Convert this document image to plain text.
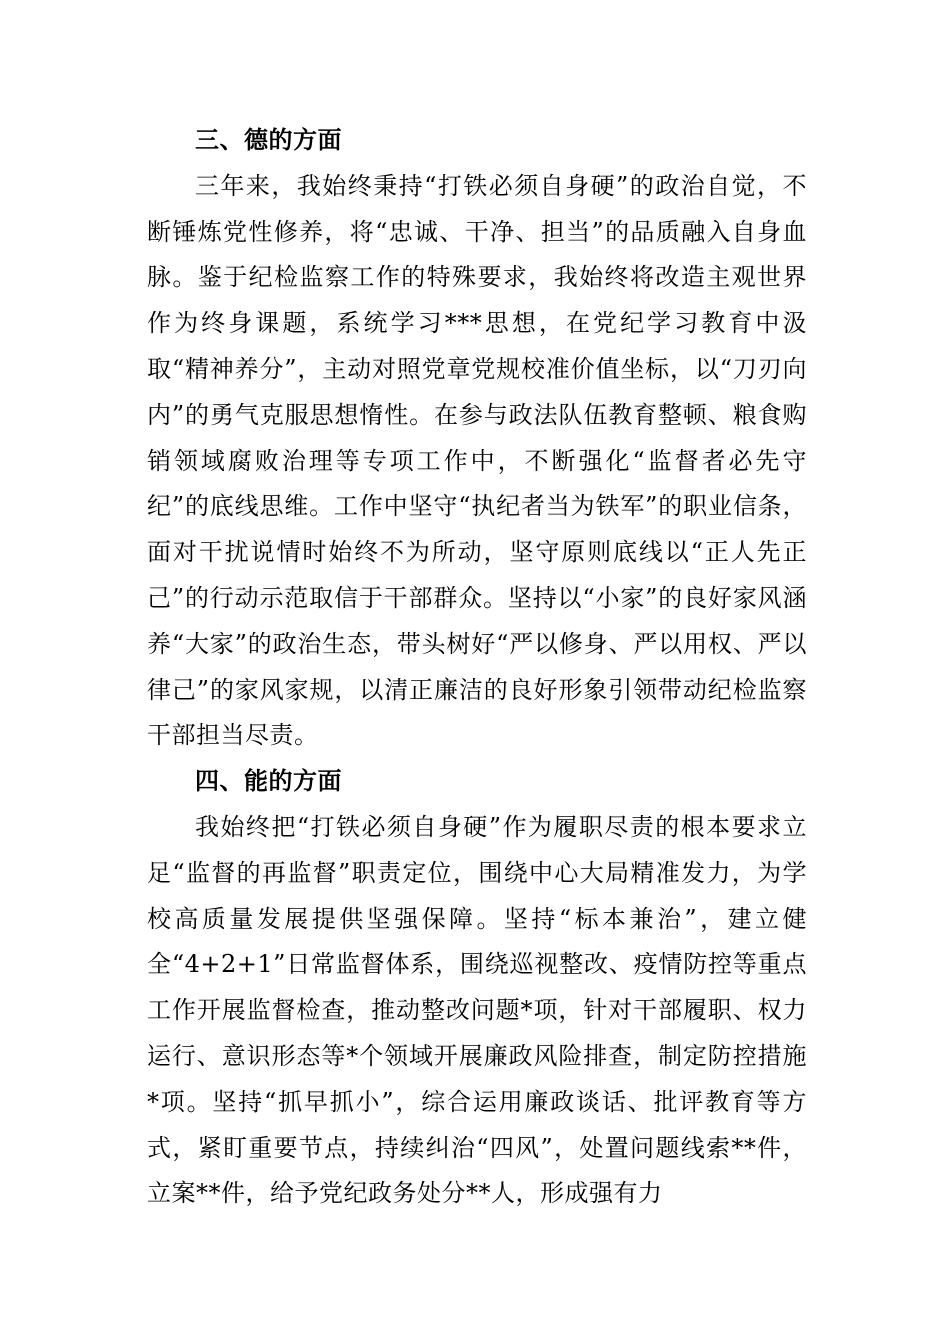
三、德的方面

三年来，我始终秉持“打铁必须自身硬”的政治自觉，不断锤炼党性修养，将“忠诚、干净、担当”的品质融入自身血脉。鉴于纪检监察工作的特殊要求，我始终将改造主观世界作为终身课题，系统学习***思想，在党纪学习教育中汲取“精神养分”，主动对照党章党规校准价值坐标，以“刀刃向内”的勇气克服思想惰性。在参与政法队伍教育整顿、粮食购销领域腐败治理等专项工作中，不断强化“监督者必先守纪”的底线思维。工作中坚守“执纪者当为铁军”的职业信条，面对干扰说情时始终不为所动，坚守原则底线以“正人先正己”的行动示范取信于干部群众。坚持以“小家”的良好家风涵养“大家”的政治生态，带头树好“严以修身、严以用权、严以律己”的家风家规，以清正廉洁的良好形象引领带动纪检监察干部担当尽责。

四、能的方面

我始终把“打铁必须自身硬”作为履职尽责的根本要求立足“监督的再监督”职责定位，围绕中心大局精准发力，为学校高质量发展提供坚强保障。坚持“标本兼治”，建立健全“4+2+1”日常监督体系，围绕巡视整改、疫情防控等重点工作开展监督检查，推动整改问题*项，针对干部履职、权力运行、意识形态等*个领域开展廉政风险排查，制定防控措施*项。坚持“抓早抓小”，综合运用廉政谈话、批评教育等方式，紧盯重要节点，持续纠治“四风”，处置问题线索**件，立案**件，给予党纪政务处分**人，形成强有力
